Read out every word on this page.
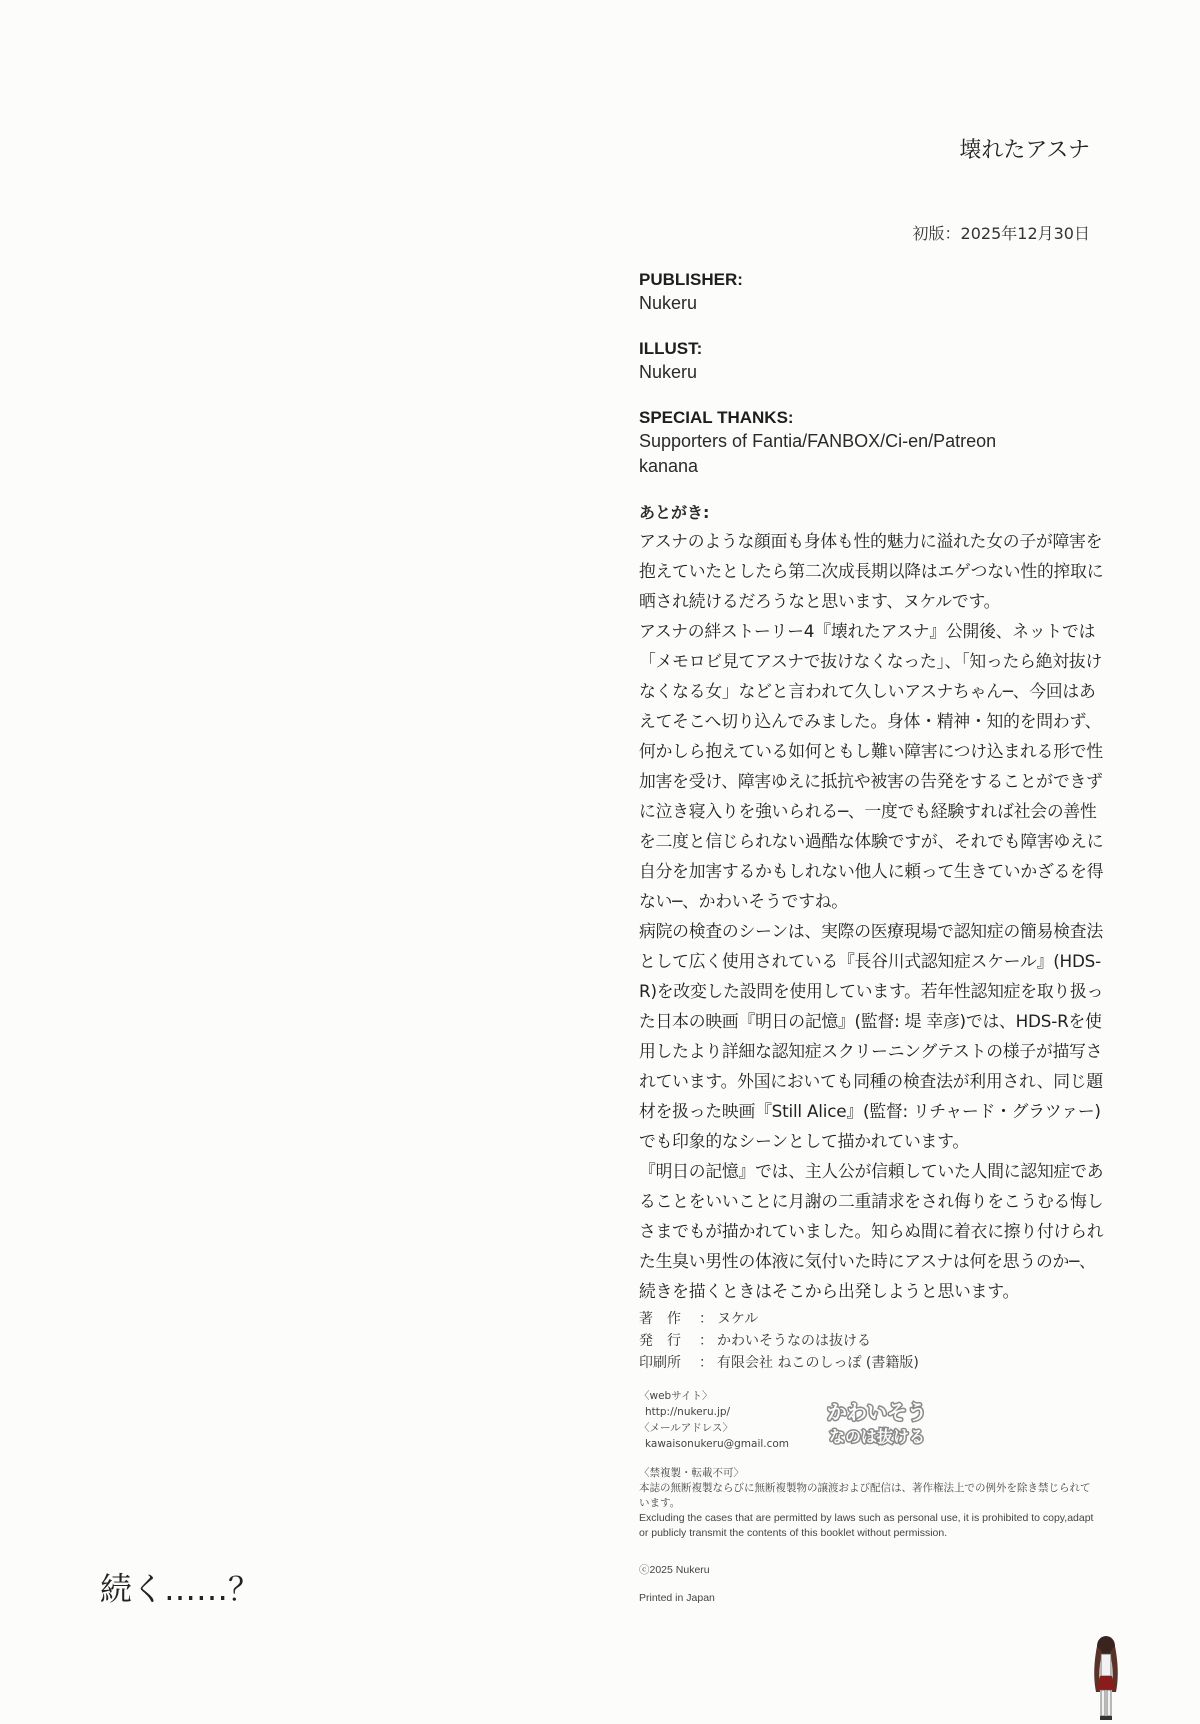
壊れたアスナ
初版：2025年12月30日
PUBLISHER:
Nukeru
ILLUST:
Nukeru
SPECIAL THANKS:
Supporters of Fantia/FANBOX/Ci-en/Patreon
kanana
あとがき:

アスナのような顔面も身体も性的魅力に溢れた女の子が障害を抱えていたとしたら第二次成長期以降はエゲつない性的搾取に晒され続けるだろうなと思います、ヌケルです。

アスナの絆ストーリー4『壊れたアスナ』公開後、ネットでは「メモロビ見てアスナで抜けなくなった」、「知ったら絶対抜けなくなる女」などと言われて久しいアスナちゃん─、今回はあえてそこへ切り込んでみました。身体・精神・知的を問わず、何かしら抱えている如何ともし難い障害につけ込まれる形で性加害を受け、障害ゆえに抵抗や被害の告発をすることができずに泣き寝入りを強いられる─、一度でも経験すれば社会の善性を二度と信じられない過酷な体験ですが、それでも障害ゆえに自分を加害するかもしれない他人に頼って生きていかざるを得ない─、かわいそうですね。

病院の検査のシーンは、実際の医療現場で認知症の簡易検査法として広く使用されている『長谷川式認知症スケール』(HDS-R)を改変した設問を使用しています。若年性認知症を取り扱った日本の映画『明日の記憶』(監督: 堤 幸彦)では、HDS-Rを使用したより詳細な認知症スクリーニングテストの様子が描写されています。外国においても同種の検査法が利用され、同じ題材を扱った映画『Still Alice』(監督: リチャード・グラツァー)でも印象的なシーンとして描かれています。

『明日の記憶』では、主人公が信頼していた人間に認知症であることをいいことに月謝の二重請求をされ侮りをこうむる悔しさまでもが描かれていました。知らぬ間に着衣に擦り付けられた生臭い男性の体液に気付いた時にアスナは何を思うのか─、続きを描くときはそこから出発しようと思います。

著　作	： ヌケル
発　行	： かわいそうなのは抜ける
印刷所	： 有限会社 ねこのしっぽ (書籍版)
〈webサイト〉
http://nukeru.jp/
〈メールアドレス〉
kawaisonukeru@gmail.com
かわいそう
なのは抜ける

〈禁複製・転載不可〉

本誌の無断複製ならびに無断複製物の譲渡および配信は、著作権法上での例外を除き禁じられています。

Excluding the cases that are permitted by laws such as personal use, it is prohibited to copy,adapt or publicly transmit the contents of this booklet without permission.

ⓒ2025 Nukeru
Printed in Japan
続く……？
